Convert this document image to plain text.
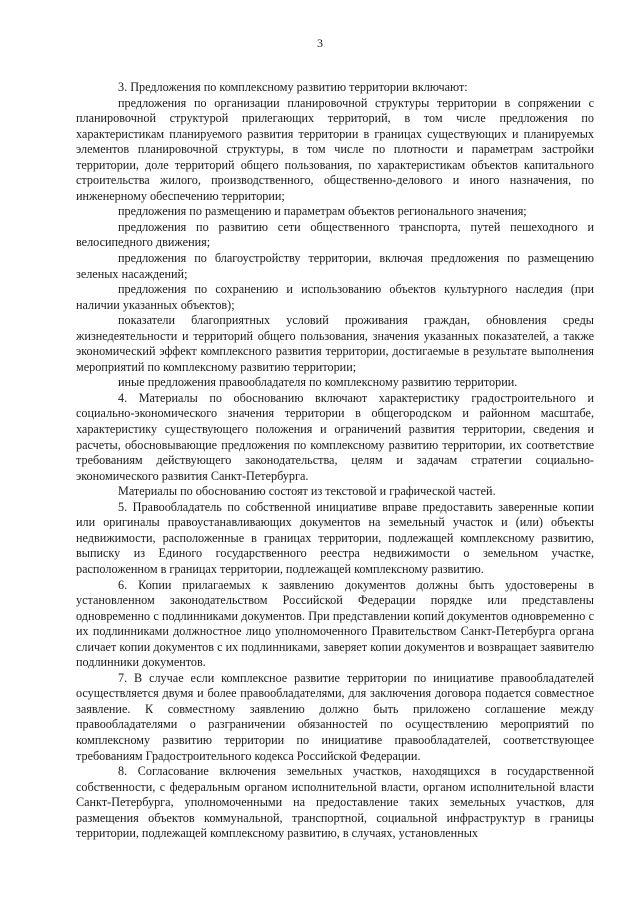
3

3. Предложения по комплексному развитию территории включают:

предложения по организации планировочной структуры территории в сопряжении с планировочной структурой прилегающих территорий, в том числе предложения по характеристикам планируемого развития территории в границах существующих и планируемых элементов планировочной структуры, в том числе по плотности и параметрам застройки территории, доле территорий общего пользования, по характеристикам объектов капитального строительства жилого, производственного, общественно-делового и иного назначения, по инженерному обеспечению территории;

предложения по размещению и параметрам объектов регионального значения;

предложения по развитию сети общественного транспорта, путей пешеходного и велосипедного движения;

предложения по благоустройству территории, включая предложения по размещению зеленых насаждений;

предложения по сохранению и использованию объектов культурного наследия (при наличии указанных объектов);

показатели благоприятных условий проживания граждан, обновления среды жизнедеятельности и территорий общего пользования, значения указанных показателей, а также экономический эффект комплексного развития территории, достигаемые в результате выполнения мероприятий по комплексному развитию территории;

иные предложения правообладателя по комплексному развитию территории.

4. Материалы по обоснованию включают характеристику градостроительного и социально-экономического значения территории в общегородском и районном масштабе, характеристику существующего положения и ограничений развития территории, сведения и расчеты, обосновывающие предложения по комплексному развитию территории, их соответствие требованиям действующего законодательства, целям и задачам стратегии социально-экономического развития Санкт-Петербурга.

Материалы по обоснованию состоят из текстовой и графической частей.

5. Правообладатель по собственной инициативе вправе предоставить заверенные копии или оригиналы правоустанавливающих документов на земельный участок и (или) объекты недвижимости, расположенные в границах территории, подлежащей комплексному развитию, выписку из Единого государственного реестра недвижимости о земельном участке, расположенном в границах территории, подлежащей комплексному развитию.

6. Копии прилагаемых к заявлению документов должны быть удостоверены в установленном законодательством Российской Федерации порядке или представлены одновременно с подлинниками документов. При представлении копий документов одновременно с их подлинниками должностное лицо уполномоченного Правительством Санкт-Петербурга органа сличает копии документов с их подлинниками, заверяет копии документов и возвращает заявителю подлинники документов.

7. В случае если комплексное развитие территории по инициативе правообладателей осуществляется двумя и более правообладателями, для заключения договора подается совместное заявление. К совместному заявлению должно быть приложено соглашение между правообладателями о разграничении обязанностей по осуществлению мероприятий по комплексному развитию территории по инициативе правообладателей, соответствующее требованиям Градостроительного кодекса Российской Федерации.

8. Согласование включения земельных участков, находящихся в государственной собственности, с федеральным органом исполнительной власти, органом исполнительной власти Санкт-Петербурга, уполномоченными на предоставление таких земельных участков, для размещения объектов коммунальной, транспортной, социальной инфраструктур в границы территории, подлежащей комплексному развитию, в случаях, установленных
